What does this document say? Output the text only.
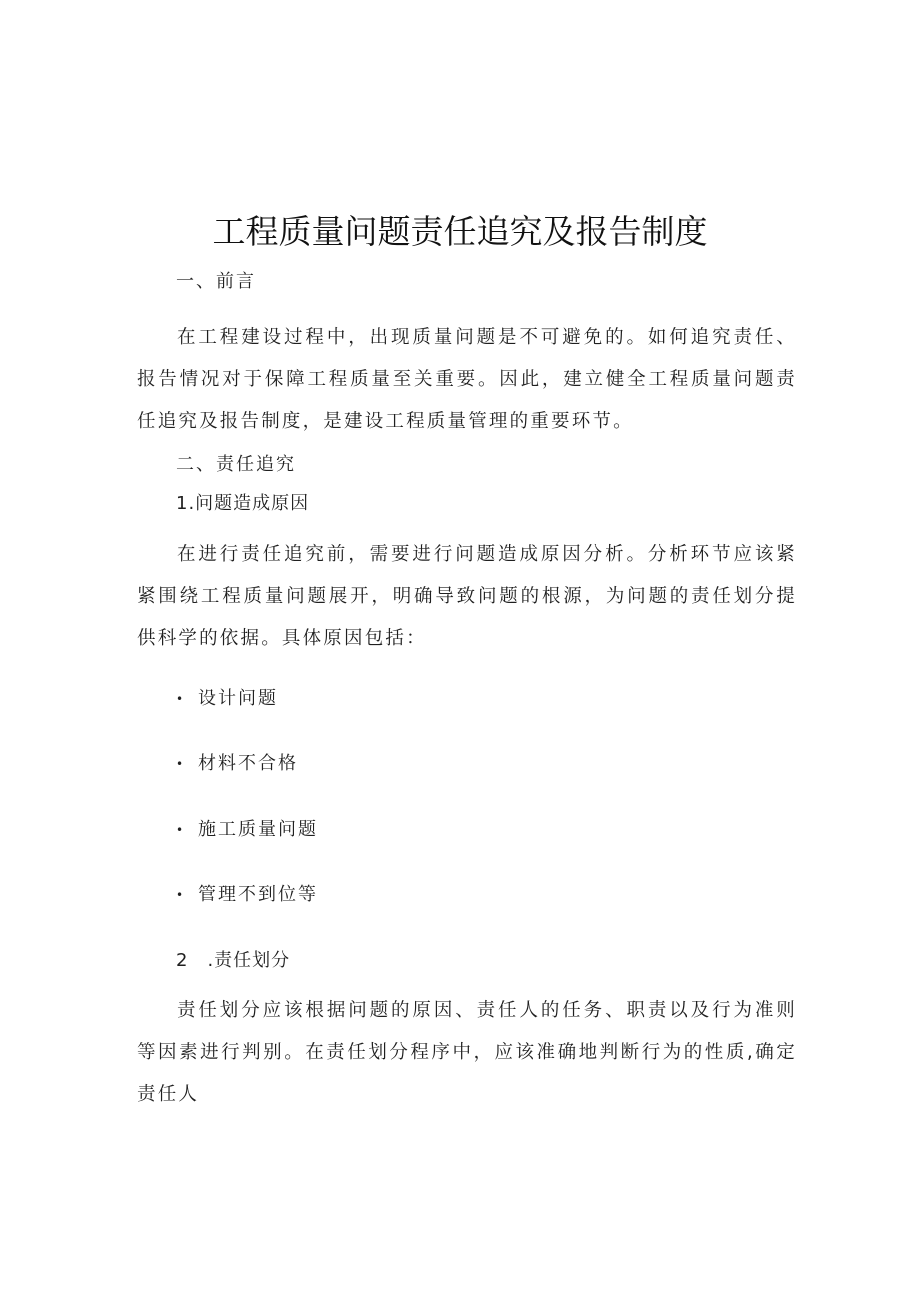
工程质量问题责任追究及报告制度
一、前言

在工程建设过程中，出现质量问题是不可避免的。如何追究责任、报告情况对于保障工程质量至关重要。因此，建立健全工程质量问题责任追究及报告制度，是建设工程质量管理的重要环节。

二、责任追究
1.问题造成原因

在进行责任追究前，需要进行问题造成原因分析。分析环节应该紧紧围绕工程质量问题展开，明确导致问题的根源，为问题的责任划分提供科学的依据。具体原因包括：

• 设计问题
• 材料不合格
• 施工质量问题
• 管理不到位等
2　.责任划分

责任划分应该根据问题的原因、责任人的任务、职责以及行为准则等因素进行判别。在责任划分程序中，应该准确地判断行为的性质,确定责任人
